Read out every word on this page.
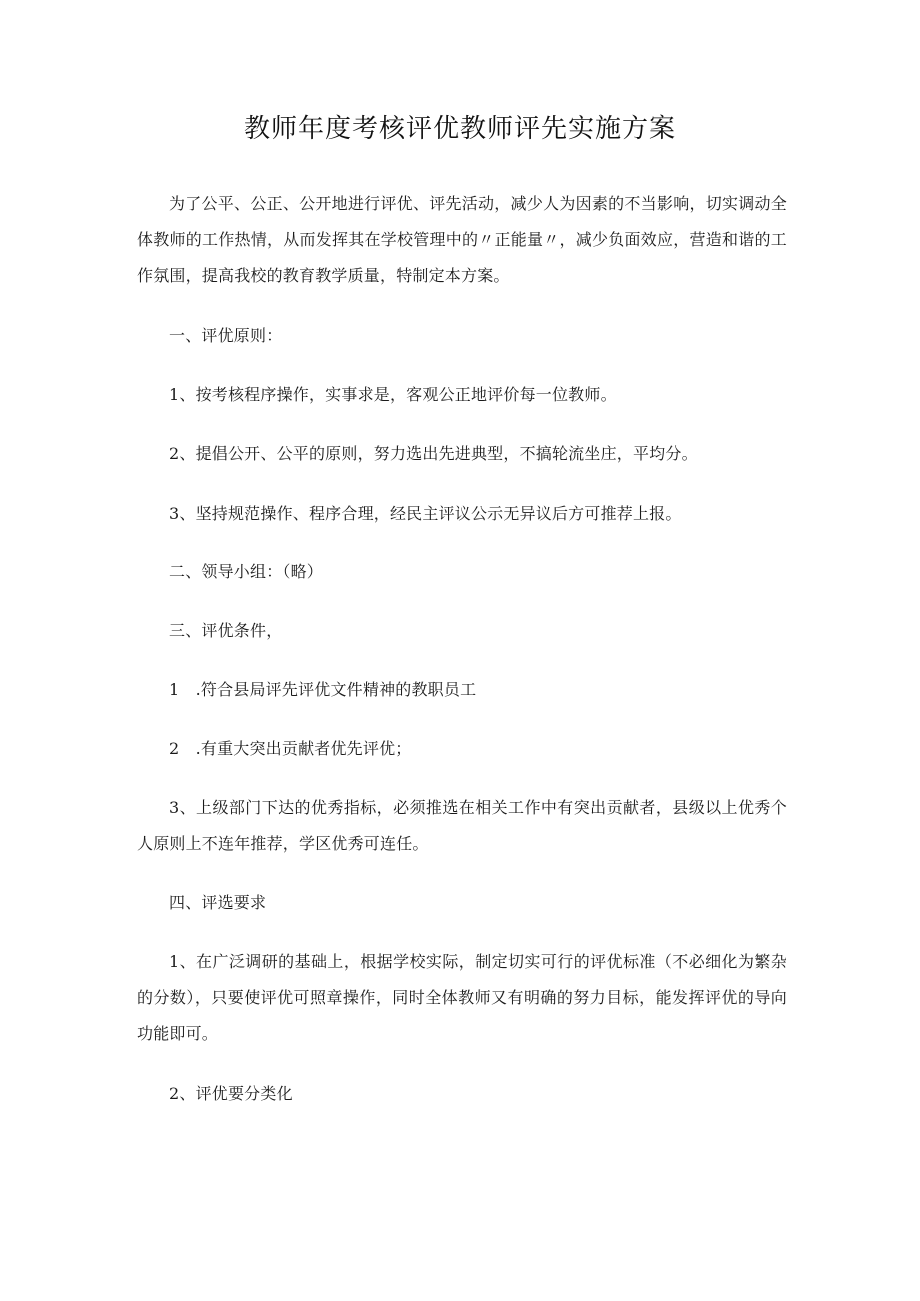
教师年度考核评优教师评先实施方案

为了公平、公正、公开地进行评优、评先活动，减少人为因素的不当影响，切实调动全体教师的工作热情，从而发挥其在学校管理中的〃正能量〃，减少负面效应，营造和谐的工作氛围，提高我校的教育教学质量，特制定本方案。

一、评优原则：

1、按考核程序操作，实事求是，客观公正地评价每一位教师。

2、提倡公开、公平的原则，努力选出先进典型，不搞轮流坐庄，平均分。

3、坚持规范操作、程序合理，经民主评议公示无异议后方可推荐上报。

二、领导小组：（略）

三、评优条件，

1　.符合县局评先评优文件精神的教职员工

2　.有重大突出贡献者优先评优；

3、上级部门下达的优秀指标，必须推选在相关工作中有突出贡献者，县级以上优秀个人原则上不连年推荐，学区优秀可连任。

四、评选要求

1、在广泛调研的基础上，根据学校实际，制定切实可行的评优标准（不必细化为繁杂的分数），只要使评优可照章操作，同时全体教师又有明确的努力目标，能发挥评优的导向功能即可。

2、评优要分类化
